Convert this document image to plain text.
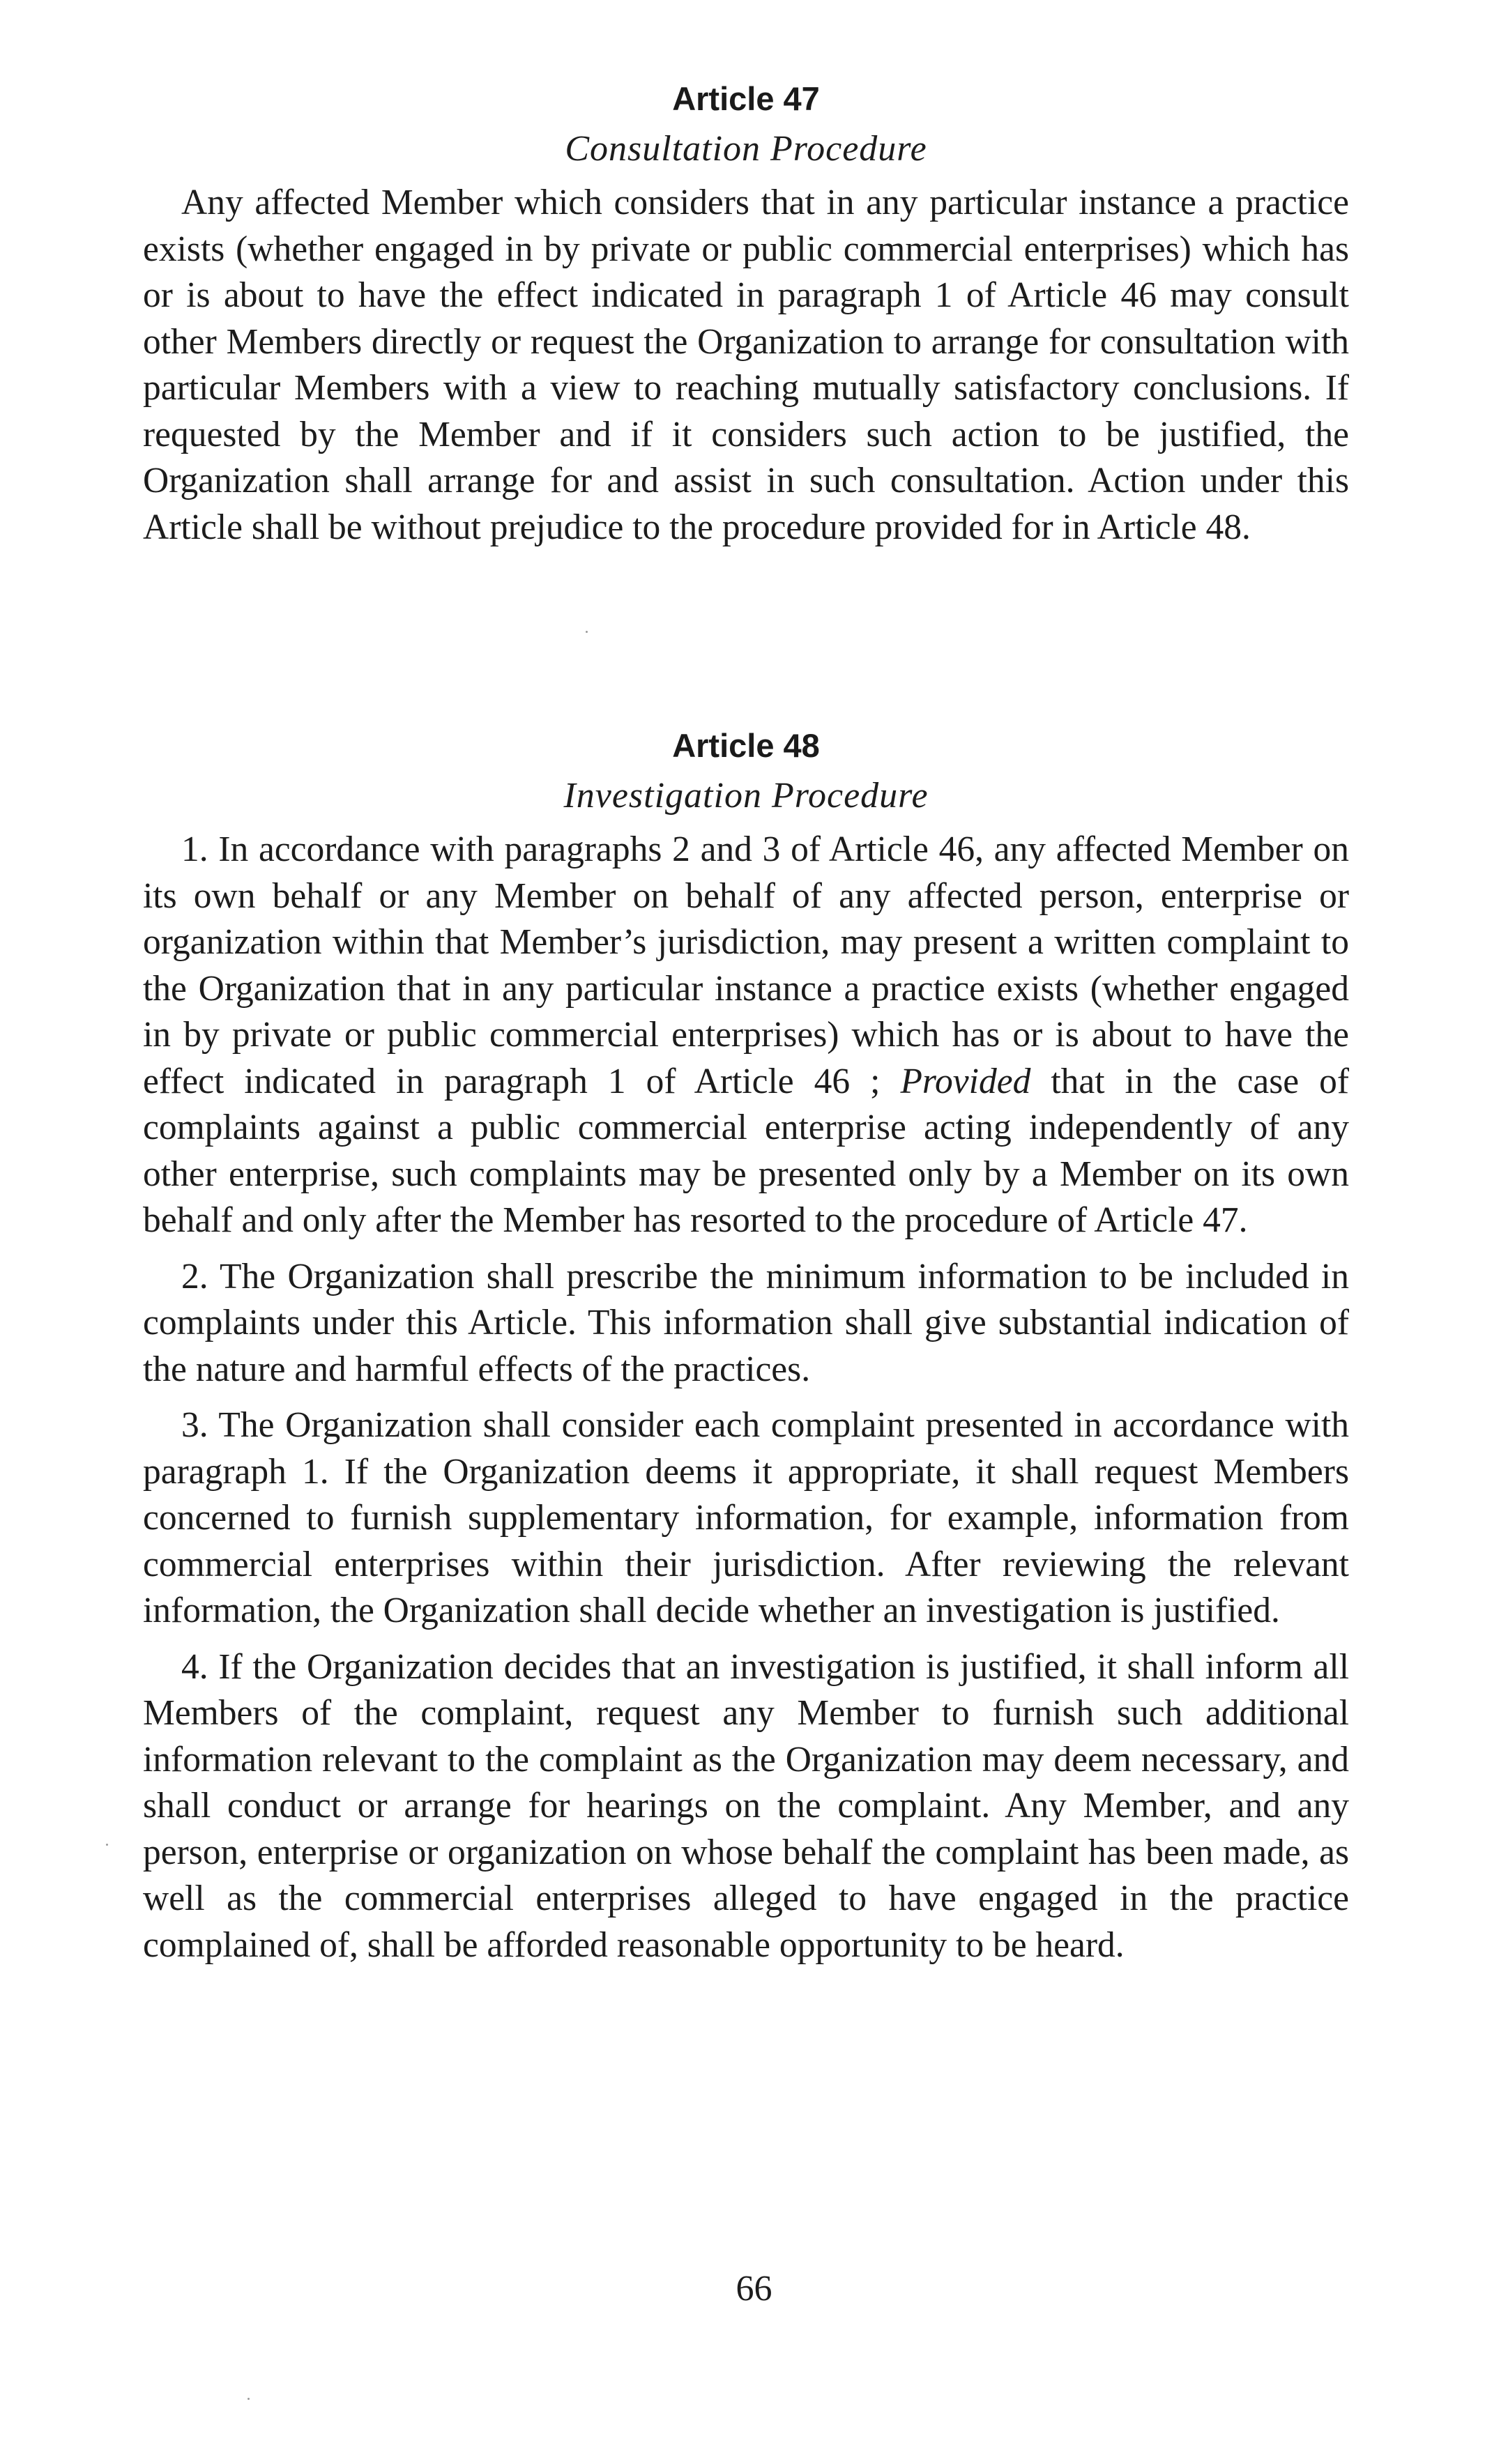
Article 47
Consultation Procedure

Any affected Member which considers that in any particular instance a practice exists (whether engaged in by private or public commercial enterprises) which has or is about to have the effect indicated in paragraph 1 of Article 46 may consult other Members directly or request the Organization to arrange for consultation with particular Members with a view to reaching mutually satisfactory conclusions. If requested by the Member and if it considers such action to be justified, the Organization shall arrange for and assist in such consultation. Action under this Article shall be without prejudice to the procedure provided for in Article 48.

Article 48
Investigation Procedure

1. In accordance with paragraphs 2 and 3 of Article 46, any affected Member on its own behalf or any Member on behalf of any affected person, enterprise or organization within that Member’s jurisdiction, may present a written complaint to the Organization that in any particular instance a practice exists (whether engaged in by private or public commercial enterprises) which has or is about to have the effect indicated in paragraph 1 of Article 46 ; Provided that in the case of complaints against a public commercial enterprise acting independently of any other enterprise, such complaints may be presented only by a Member on its own behalf and only after the Member has resorted to the procedure of Article 47.

2. The Organization shall prescribe the minimum information to be included in complaints under this Article. This information shall give substantial indication of the nature and harmful effects of the practices.

3. The Organization shall consider each complaint presented in accordance with paragraph 1. If the Organization deems it appropriate, it shall request Members concerned to furnish supplementary information, for example, information from commercial enterprises within their jurisdiction. After reviewing the relevant information, the Organization shall decide whether an investigation is justified.

4. If the Organization decides that an investigation is justified, it shall inform all Members of the complaint, request any Member to furnish such additional information relevant to the complaint as the Organization may deem necessary, and shall conduct or arrange for hearings on the complaint. Any Member, and any person, enterprise or organization on whose behalf the complaint has been made, as well as the commercial enterprises alleged to have engaged in the practice complained of, shall be afforded reasonable opportunity to be heard.

66
